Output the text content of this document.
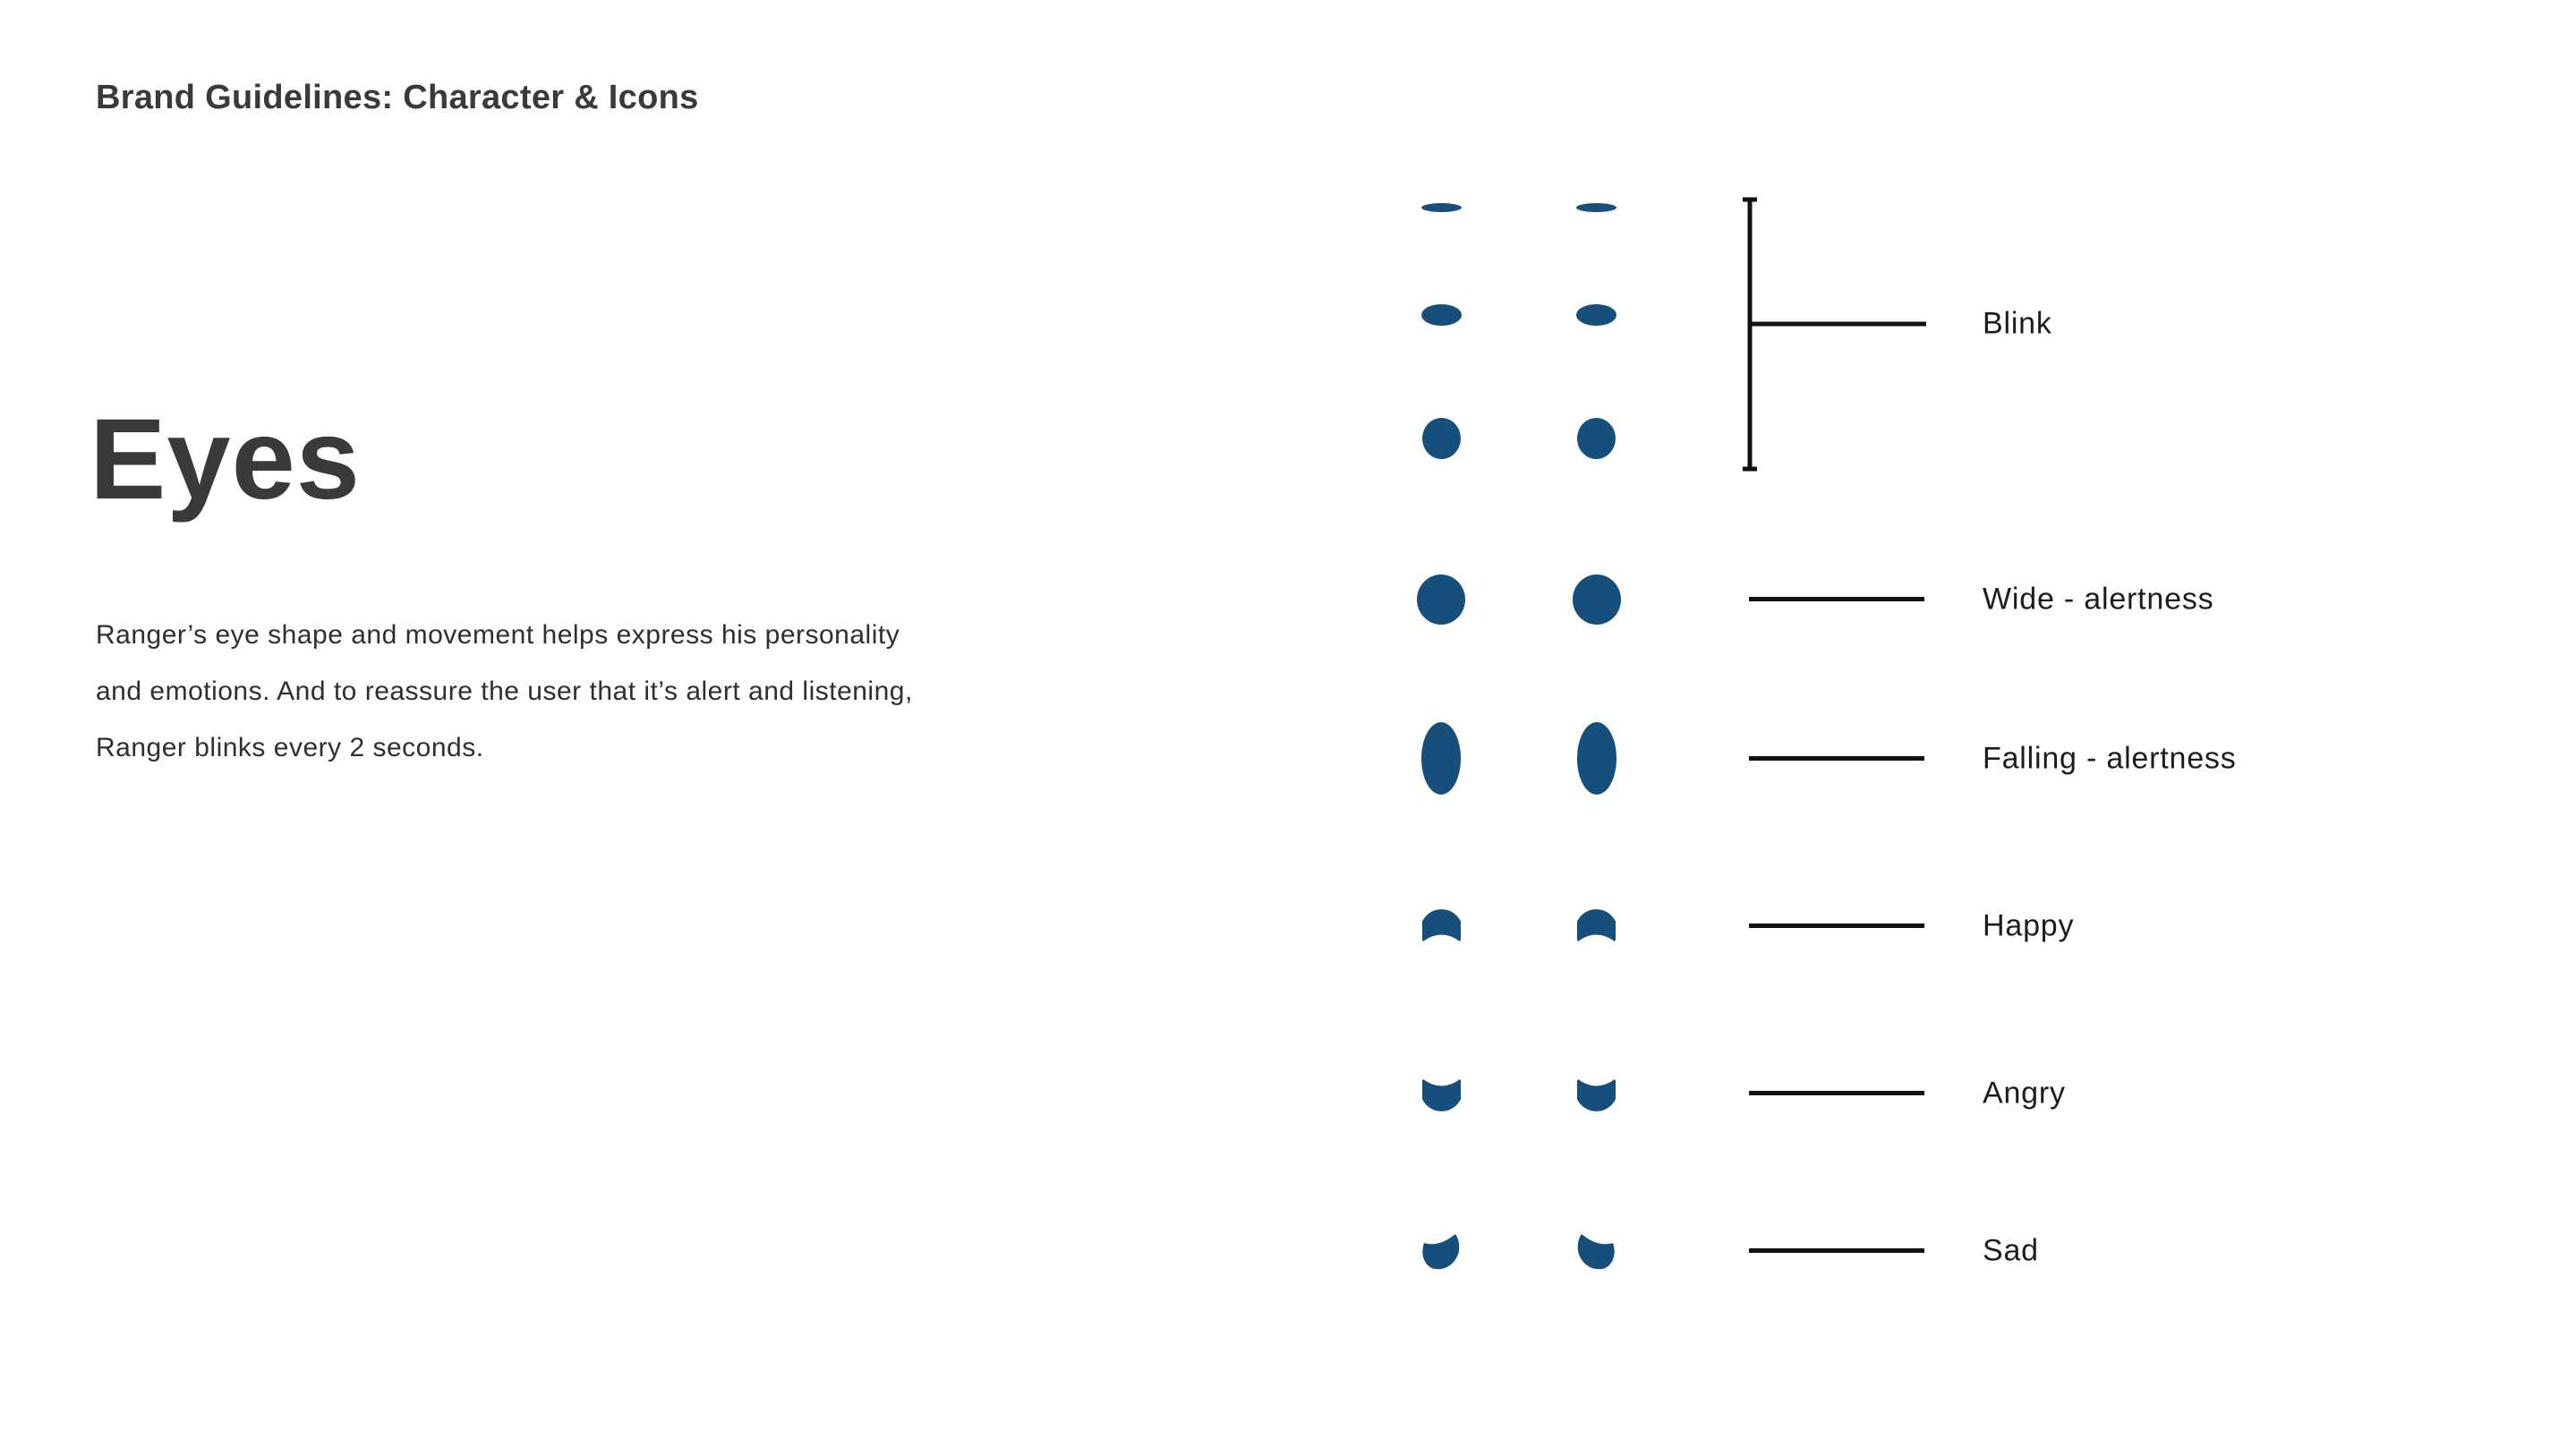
Brand Guidelines: Character & Icons
Eyes
Ranger’s eye shape and movement helps express his personality
and emotions. And to reassure the user that it’s alert and listening,
Ranger blinks every 2 seconds.
Blink
Wide - alertness
Falling - alertness
Happy
Angry
Sad
